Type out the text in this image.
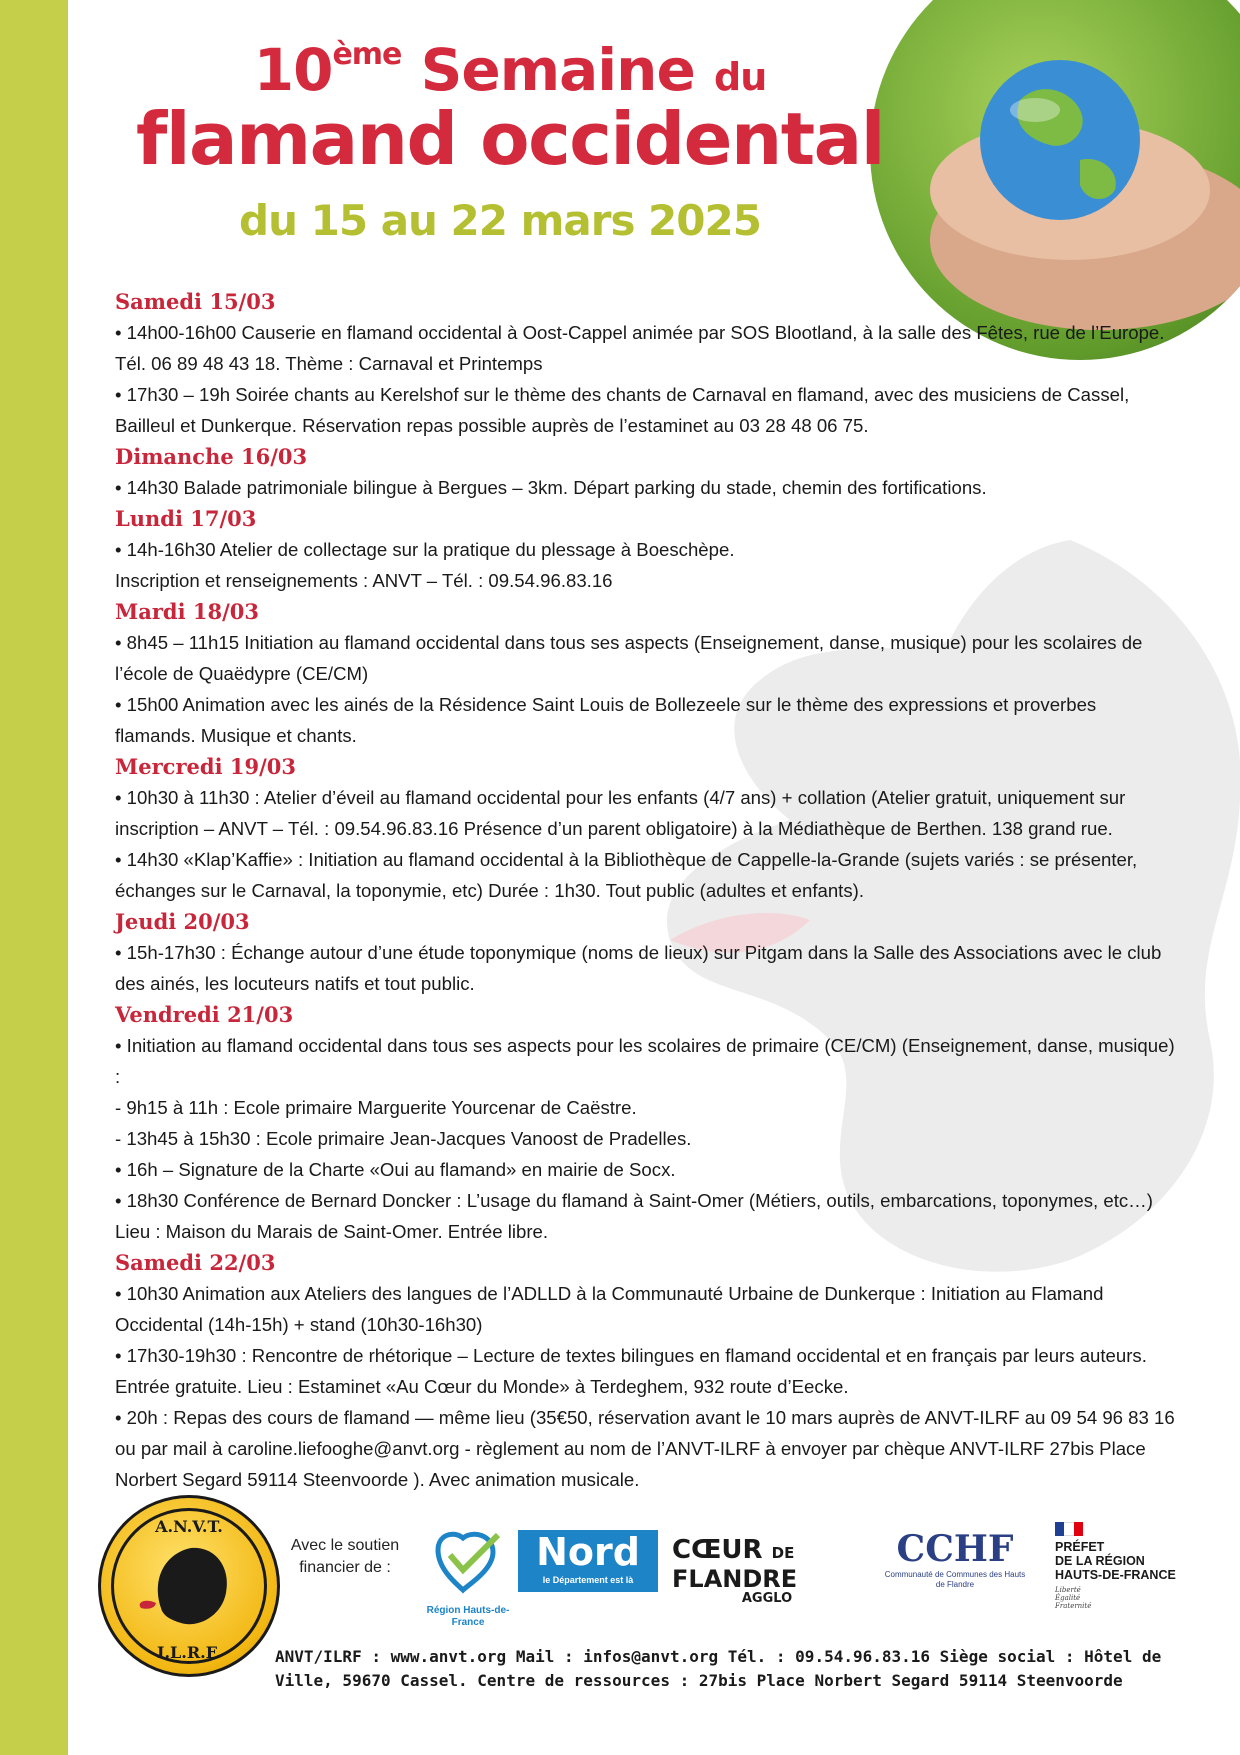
10ème Semaine du
flamand occidental
du 15 au 22 mars 2025
Samedi 15/03
• 14h00-16h00 Causerie en flamand occidental à Oost-Cappel animée par SOS Blootland, à la salle des Fêtes, rue de l’Europe. Tél. 06 89 48 43 18. Thème : Carnaval et Printemps
• 17h30 – 19h Soirée chants au Kerelshof sur le thème des chants de Carnaval en flamand, avec des musiciens de Cassel, Bailleul et Dunkerque. Réservation repas possible auprès de l’estaminet au 03 28 48 06 75.
Dimanche 16/03
• 14h30 Balade patrimoniale bilingue à Bergues – 3km. Départ parking du stade, chemin des fortifications.
Lundi 17/03
• 14h-16h30 Atelier de collectage sur la pratique du plessage à Boeschèpe.
Inscription et renseignements : ANVT – Tél. : 09.54.96.83.16
Mardi 18/03
• 8h45 – 11h15 Initiation au flamand occidental dans tous ses aspects (Enseignement, danse, musique) pour les scolaires de l’école de Quaëdypre (CE/CM)
• 15h00 Animation avec les ainés de la Résidence Saint Louis de Bollezeele sur le thème des expressions et proverbes flamands. Musique et chants.
Mercredi 19/03
• 10h30 à 11h30 : Atelier d’éveil au flamand occidental pour les enfants (4/7 ans) + collation (Atelier gratuit, uniquement sur inscription – ANVT – Tél. : 09.54.96.83.16 Présence d’un parent obligatoire) à la Médiathèque de Berthen. 138 grand rue.
• 14h30 «Klap’Kaffie» : Initiation au flamand occidental à la Bibliothèque de Cappelle-la-Grande (sujets variés : se présenter, échanges sur le Carnaval, la toponymie, etc) Durée : 1h30. Tout public (adultes et enfants).
Jeudi 20/03
• 15h-17h30 : Échange autour d’une étude toponymique (noms de lieux) sur Pitgam dans la Salle des Associations avec le club des ainés, les locuteurs natifs et tout public.
Vendredi 21/03
• Initiation au flamand occidental dans tous ses aspects pour les scolaires de primaire (CE/CM) (Enseignement, danse, musique) :
- 9h15 à 11h : Ecole primaire Marguerite Yourcenar de Caëstre.
- 13h45 à 15h30 : Ecole primaire Jean-Jacques Vanoost de Pradelles.
• 16h – Signature de la Charte «Oui au flamand» en mairie de Socx.
• 18h30 Conférence de Bernard Doncker : L’usage du flamand à Saint-Omer (Métiers, outils, embarcations, toponymes, etc…) Lieu : Maison du Marais de Saint-Omer. Entrée libre.
Samedi 22/03
• 10h30 Animation aux Ateliers des langues de l’ADLLD à la Communauté Urbaine de Dunkerque : Initiation au Flamand Occidental (14h-15h) + stand (10h30-16h30)
• 17h30-19h30 : Rencontre de rhétorique – Lecture de textes bilingues en flamand occidental et en français par leurs auteurs. Entrée gratuite. Lieu : Estaminet «Au Cœur du Monde» à Terdeghem, 932 route d’Eecke.
• 20h : Repas des cours de flamand — même lieu (35€50, réservation avant le 10 mars auprès de ANVT-ILRF au 09 54 96 83 16 ou par mail à caroline.liefooghe@anvt.org - règlement au nom de l’ANVT-ILRF à envoyer par chèque ANVT-ILRF 27bis Place Norbert Segard 59114 Steenvoorde ). Avec animation musicale.
A.N.V.T.
I.L.R.F.
Avec le soutien financier de :
Région Hauts-de-France
Nord
le Département est là
CŒUR DE
FLANDRE
AGGLO
CCHF
Communauté de Communes des Hauts de Flandre
PRÉFET
DE LA RÉGION
HAUTS-DE-FRANCE
Liberté
Égalité
Fraternité
ANVT/ILRF : www.anvt.org Mail : infos@anvt.org Tél. : 09.54.96.83.16 Siège social : Hôtel de Ville, 59670 Cassel. Centre de ressources : 27bis Place Norbert Segard 59114 Steenvoorde
